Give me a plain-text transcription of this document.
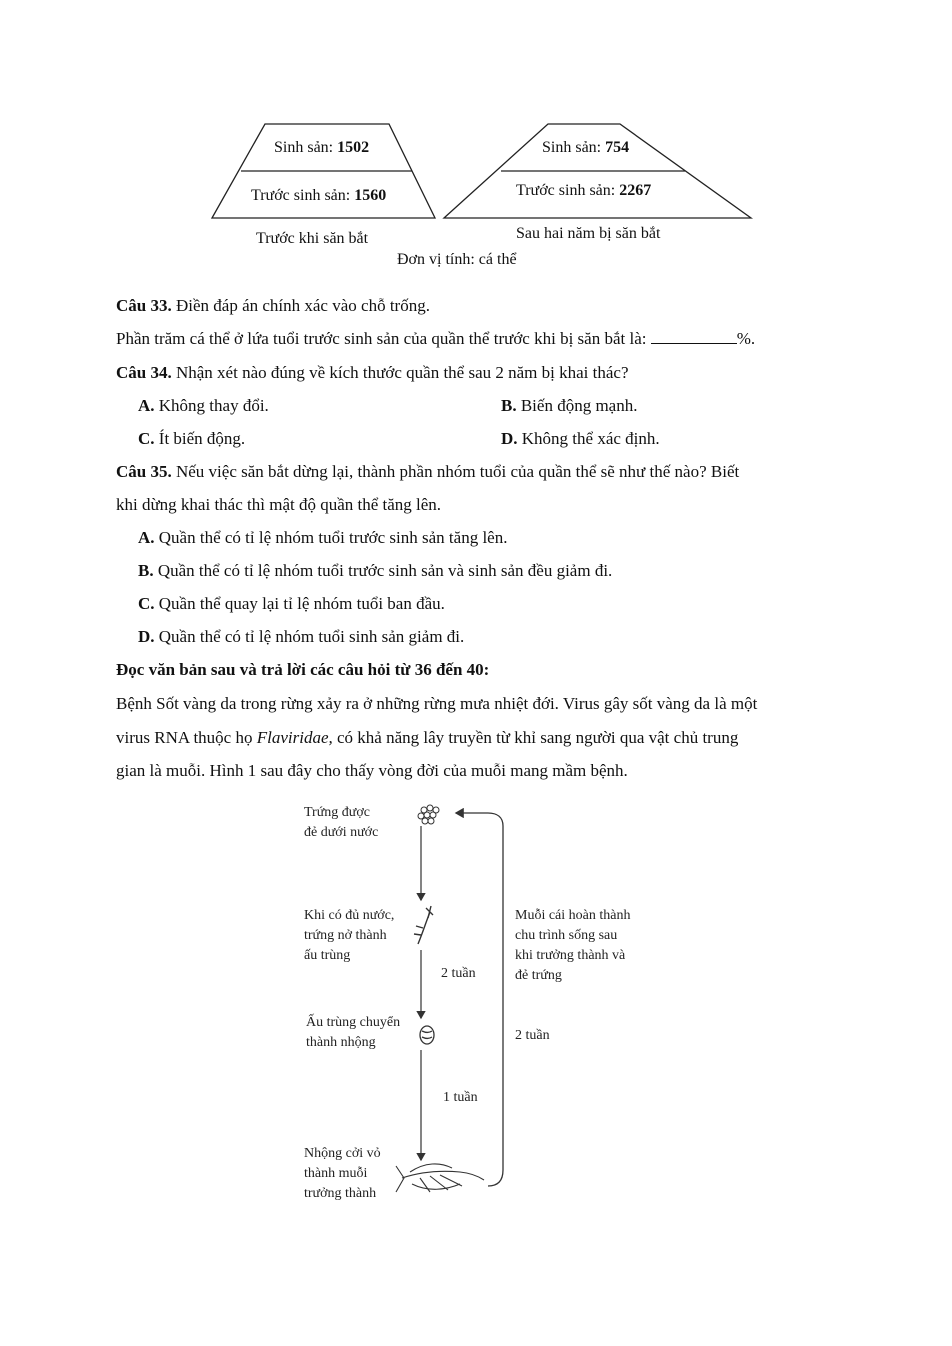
Sinh sản: 1502
Trước sinh sản: 1560
Sinh sản: 754
Trước sinh sản: 2267
Trước khi săn bắt	Sau hai năm bị săn bắt
Đơn vị tính: cá thể
Câu 33. Điền đáp án chính xác vào chỗ trống.
Phần trăm cá thể ở lứa tuổi trước sinh sản của quần thể trước khi bị săn bắt là:	%.
Câu 34. Nhận xét nào đúng về kích thước quần thể sau 2 năm bị khai thác?
A. Không thay đổi.	B. Biến động mạnh.
C. Ít biến động.	D. Không thể xác định.
Câu 35. Nếu việc săn bắt dừng lại, thành phần nhóm tuổi của quần thể sẽ như thế nào? Biết
khi dừng khai thác thì mật độ quần thể tăng lên.
A. Quần thể có tỉ lệ nhóm tuổi trước sinh sản tăng lên.
B. Quần thể có tỉ lệ nhóm tuổi trước sinh sản và sinh sản đều giảm đi.
C. Quần thể quay lại tỉ lệ nhóm tuổi ban đầu.
D. Quần thể có tỉ lệ nhóm tuổi sinh sản giảm đi.
Đọc văn bản sau và trả lời các câu hỏi từ 36 đến 40:
Bệnh Sốt vàng da trong rừng xảy ra ở những rừng mưa nhiệt đới. Virus gây sốt vàng da là một
virus RNA thuộc họ Flaviridae, có khả năng lây truyền từ khỉ sang người qua vật chủ trung
gian là muỗi. Hình 1 sau đây cho thấy vòng đời của muỗi mang mầm bệnh.
Trứng được
đẻ dưới nước
Khi có đủ nước,
trứng nở thành
ấu trùng
Ấu trùng chuyển
thành nhộng
Nhộng cởi vỏ
thành muỗi
trưởng thành
Muỗi cái hoàn thành
chu trình sống sau
khi trưởng thành và
đẻ trứng
2 tuần
1 tuần
2 tuần
